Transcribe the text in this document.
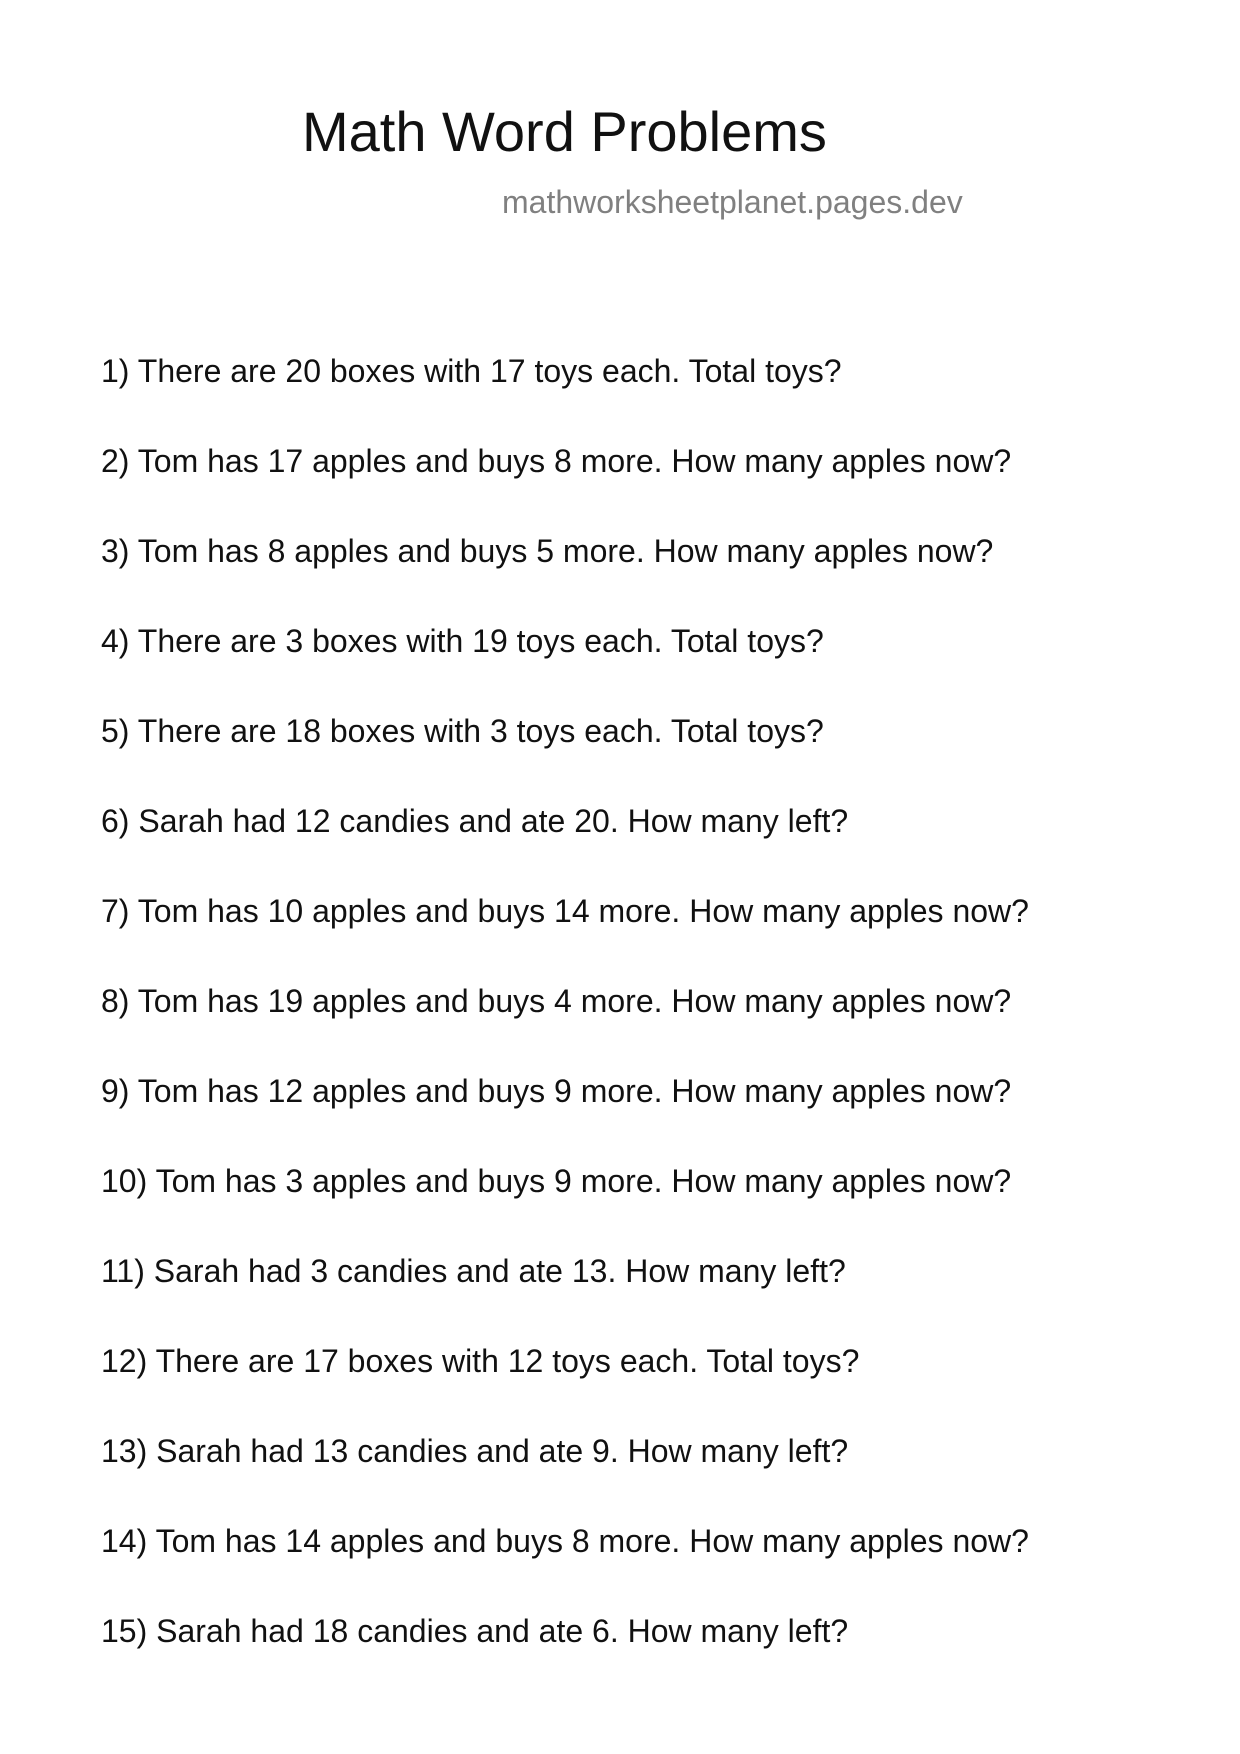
Math Word Problems
mathworksheetplanet.pages.dev
1) There are 20 boxes with 17 toys each. Total toys?
2) Tom has 17 apples and buys 8 more. How many apples now?
3) Tom has 8 apples and buys 5 more. How many apples now?
4) There are 3 boxes with 19 toys each. Total toys?
5) There are 18 boxes with 3 toys each. Total toys?
6) Sarah had 12 candies and ate 20. How many left?
7) Tom has 10 apples and buys 14 more. How many apples now?
8) Tom has 19 apples and buys 4 more. How many apples now?
9) Tom has 12 apples and buys 9 more. How many apples now?
10) Tom has 3 apples and buys 9 more. How many apples now?
11) Sarah had 3 candies and ate 13. How many left?
12) There are 17 boxes with 12 toys each. Total toys?
13) Sarah had 13 candies and ate 9. How many left?
14) Tom has 14 apples and buys 8 more. How many apples now?
15) Sarah had 18 candies and ate 6. How many left?
